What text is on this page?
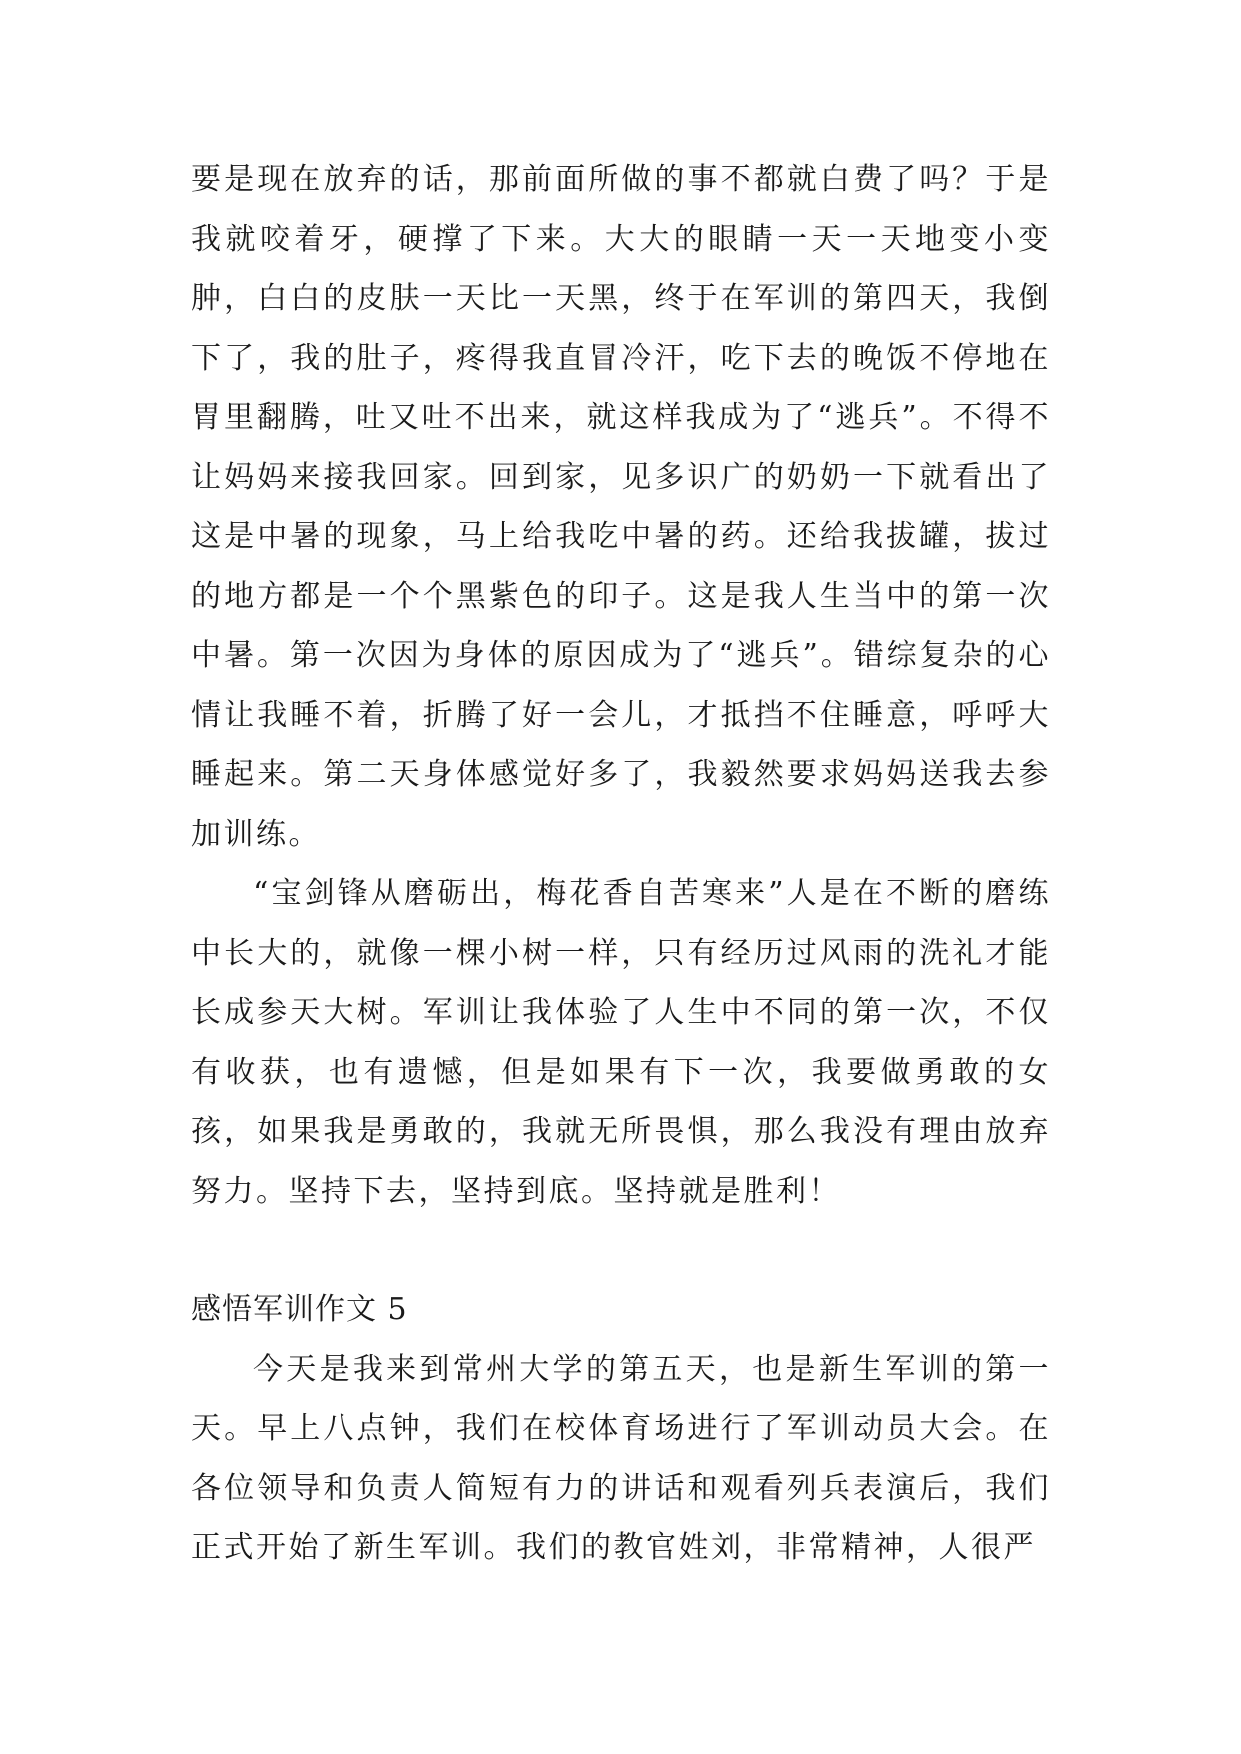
要是现在放弃的话，那前面所做的事不都就白费了吗？于是我就咬着牙，硬撑了下来。大大的眼睛一天一天地变小变肿，白白的皮肤一天比一天黑，终于在军训的第四天，我倒下了，我的肚子，疼得我直冒冷汗，吃下去的晚饭不停地在胃里翻腾，吐又吐不出来，就这样我成为了“逃兵”。不得不让妈妈来接我回家。回到家，见多识广的奶奶一下就看出了这是中暑的现象，马上给我吃中暑的药。还给我拔罐，拔过的地方都是一个个黑紫色的印子。这是我人生当中的第一次中暑。第一次因为身体的原因成为了“逃兵”。错综复杂的心情让我睡不着，折腾了好一会儿，才抵挡不住睡意，呼呼大睡起来。第二天身体感觉好多了，我毅然要求妈妈送我去参加训练。

“宝剑锋从磨砺出，梅花香自苦寒来”人是在不断的磨练中长大的，就像一棵小树一样，只有经历过风雨的洗礼才能长成参天大树。军训让我体验了人生中不同的第一次，不仅有收获，也有遗憾，但是如果有下一次，我要做勇敢的女孩，如果我是勇敢的，我就无所畏惧，那么我没有理由放弃努力。坚持下去，坚持到底。坚持就是胜利！

感悟军训作文 5

今天是我来到常州大学的第五天，也是新生军训的第一天。早上八点钟，我们在校体育场进行了军训动员大会。在各位领导和负责人简短有力的讲话和观看列兵表演后，我们正式开始了新生军训。我们的教官姓刘，非常精神，人很严
